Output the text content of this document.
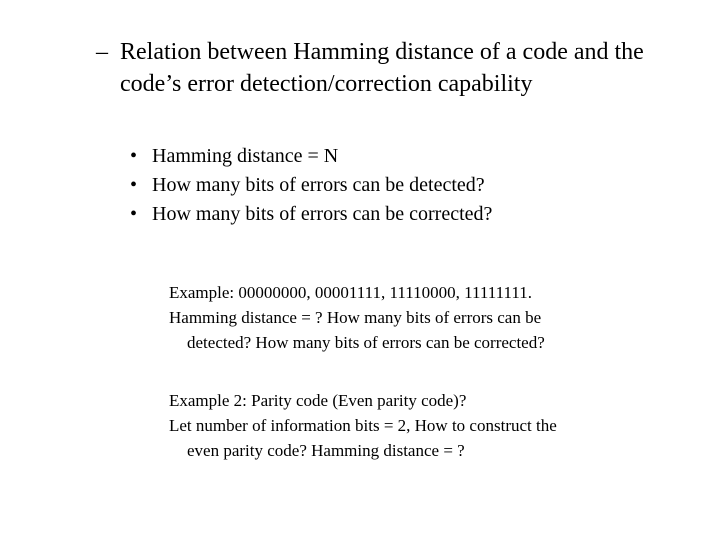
– Relation between Hamming distance of a code and the code’s error detection/correction capability
• Hamming distance = N
• How many bits of errors can be detected?
• How many bits of errors can be corrected?
Example: 00000000, 00001111, 11110000, 11111111.
Hamming distance = ? How many bits of errors can be
detected? How many bits of errors can be corrected?
Example 2: Parity code (Even parity code)?
Let number of information bits = 2, How to construct the
even parity code? Hamming distance = ?
